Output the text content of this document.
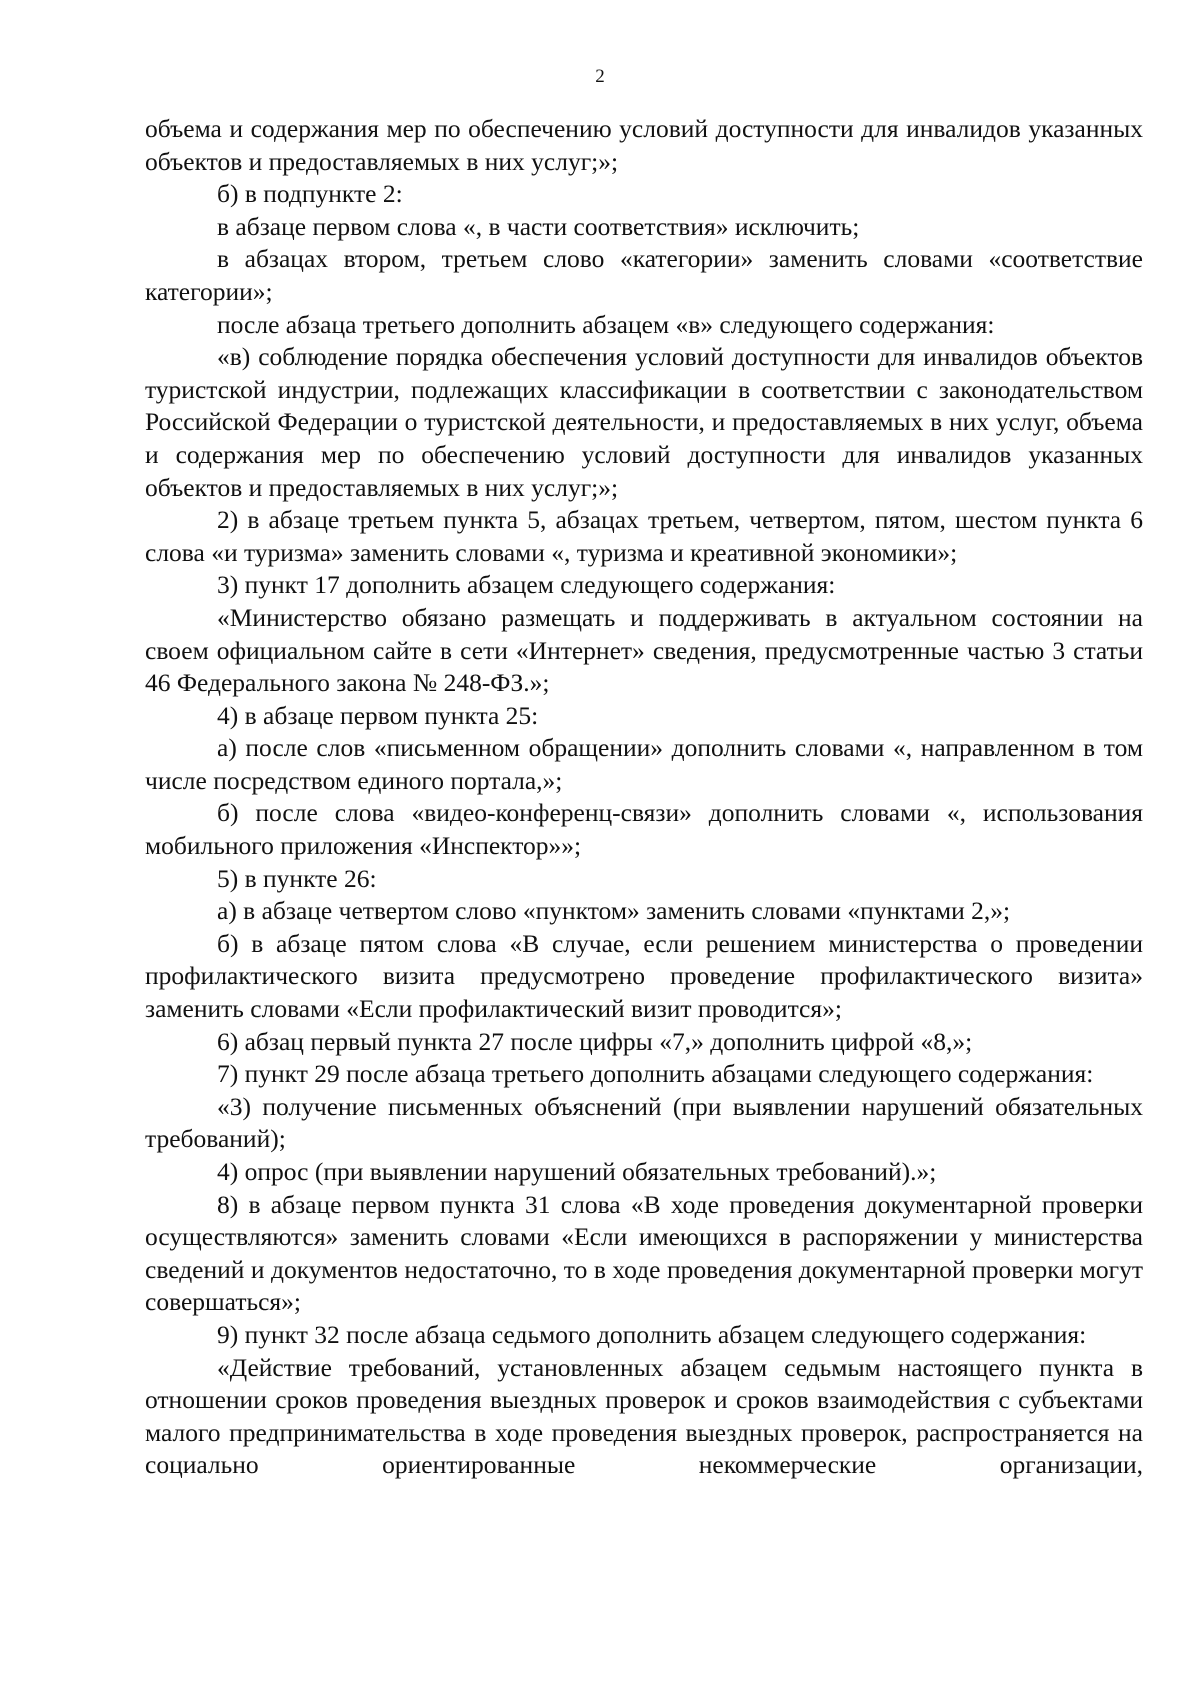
2

объема и содержания мер по обеспечению условий доступности для инвалидов указанных объектов и предоставляемых в них услуг;»;

б) в подпункте 2:

в абзаце первом слова «, в части соответствия» исключить;

в абзацах втором, третьем слово «категории» заменить словами «соответствие категории»;

после абзаца третьего дополнить абзацем «в» следующего содержания:

«в) соблюдение порядка обеспечения условий доступности для инвалидов объектов туристской индустрии, подлежащих классификации в соответствии с законодательством Российской Федерации о туристской деятельности, и предоставляемых в них услуг, объема и содержания мер по обеспечению условий доступности для инвалидов указанных объектов и предоставляемых в них услуг;»;

2) в абзаце третьем пункта 5, абзацах третьем, четвертом, пятом, шестом пункта 6 слова «и туризма» заменить словами «, туризма и креативной экономики»;

3) пункт 17 дополнить абзацем следующего содержания:

«Министерство обязано размещать и поддерживать в актуальном состоянии на своем официальном сайте в сети «Интернет» сведения, предусмотренные частью 3 статьи 46 Федерального закона № 248-ФЗ.»;

4) в абзаце первом пункта 25:

а) после слов «письменном обращении» дополнить словами «, направленном в том числе посредством единого портала,»;

б) после слова «видео-конференц-связи» дополнить словами «, использования мобильного приложения «Инспектор»»;

5) в пункте 26:

а) в абзаце четвертом слово «пунктом» заменить словами «пунктами 2,»;

б) в абзаце пятом слова «В случае, если решением министерства о проведении профилактического визита предусмотрено проведение профилактического визита» заменить словами «Если профилактический визит проводится»;

6) абзац первый пункта 27 после цифры «7,» дополнить цифрой «8,»;

7) пункт 29 после абзаца третьего дополнить абзацами следующего содержания:

«3) получение письменных объяснений (при выявлении нарушений обязательных требований);

4) опрос (при выявлении нарушений обязательных требований).»;

8) в абзаце первом пункта 31 слова «В ходе проведения документарной проверки осуществляются» заменить словами «Если имеющихся в распоряжении у министерства сведений и документов недостаточно, то в ходе проведения документарной проверки могут совершаться»;

9) пункт 32 после абзаца седьмого дополнить абзацем следующего содержания:

«Действие требований, установленных абзацем седьмым настоящего пункта в отношении сроков проведения выездных проверок и сроков взаимодействия с субъектами малого предпринимательства в ходе проведения выездных проверок, распространяется на социально ориентированные некоммерческие организации,
